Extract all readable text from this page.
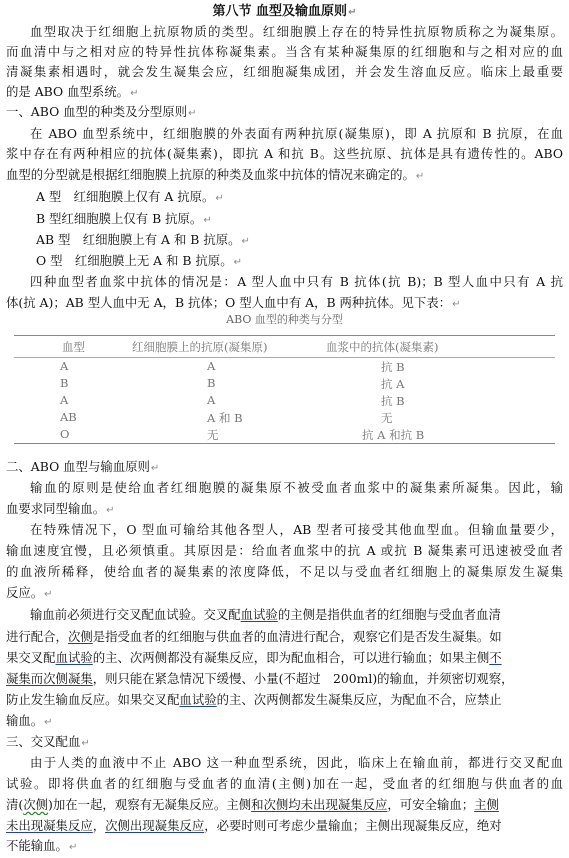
第八节 血型及输血原则↵
血型取决于红细胞上抗原物质的类型。红细胞膜上存在的特异性抗原物质称之为凝集原。
而血清中与之相对应的特异性抗体称凝集素。当含有某种凝集原的红细胞和与之相对应的血
清凝集素相遇时，就会发生凝集会应，红细胞凝集成团，并会发生溶血反应。临床上最重要
的是 ABO 血型系统。↵
一、ABO 血型的种类及分型原则↵
在 ABO 血型系统中，红细胞膜的外表面有两种抗原(凝集原)，即 A 抗原和 B 抗原，在血
浆中存在有两种相应的抗体(凝集素)，即抗 A 和抗 B。这些抗原、抗体是具有遗传性的。ABO
血型的分型就是根据红细胞膜上抗原的种类及血浆中抗体的情况来确定的。↵
A 型　红细胞膜上仅有 A 抗原。↵
B 型红细胞膜上仅有 B 抗原。↵
AB 型　红细胞膜上有 A 和 B 抗原。↵
O 型　红细胞膜上无 A 和 B 抗原。↵
四种血型者血浆中抗体的情况是：A 型人血中只有 B 抗体(抗 B)；B 型人血中只有 A 抗
体(抗 A)；AB 型人血中无 A，B 抗体；O 型人血中有 A，B 两种抗体。见下表：↵
ABO 血型的种类与分型
血型	红细胞膜上的抗原(凝集原)	血浆中的抗体(凝集素)
A	A	抗 B
B	B	抗 A
A	A	抗 B
AB	A 和 B	无
O	无	抗 A 和抗 B
二、ABO 血型与输血原则↵
输血的原则是使给血者红细胞膜的凝集原不被受血者血浆中的凝集素所凝集。因此，输
血要求同型输血。↵
在特殊情况下，O 型血可输给其他各型人，AB 型者可接受其他血型血。但输血量要少，
输血速度宜慢，且必须慎重。其原因是：给血者血浆中的抗 A 或抗 B 凝集素可迅速被受血者
的血液所稀释，使给血者的凝集素的浓度降低，不足以与受血者红细胞上的凝集原发生凝集
反应。↵
输血前必须进行交叉配血试验。交叉配血试验的主侧是指供血者的红细胞与受血者血清
进行配合，次侧是指受血者的红细胞与供血者的血清进行配合，观察它们是否发生凝集。如
果交叉配血试验的主、次两侧都没有凝集反应，即为配血相合，可以进行输血；如果主侧不
凝集而次侧凝集，则只能在紧急情况下缓慢、小量(不超过　200ml)的输血，并须密切观察，
防止发生输血反应。如果交叉配血试验的主、次两侧都发生凝集反应，为配血不合，应禁止
输血。↵
三、交叉配血↵
由于人类的血液中不止 ABO 这一种血型系统，因此，临床上在输血前，都进行交叉配血
试验。即将供血者的红细胞与受血者的血清(主侧)加在一起，受血者的红细胞与供血者的血
清(次侧)加在一起，观察有无凝集反应。主侧和次侧均未出现凝集反应，可安全输血；主侧
未出现凝集反应，次侧出现凝集反应，必要时则可考虑少量输血；主侧出现凝集反应，绝对
不能输血。↵
